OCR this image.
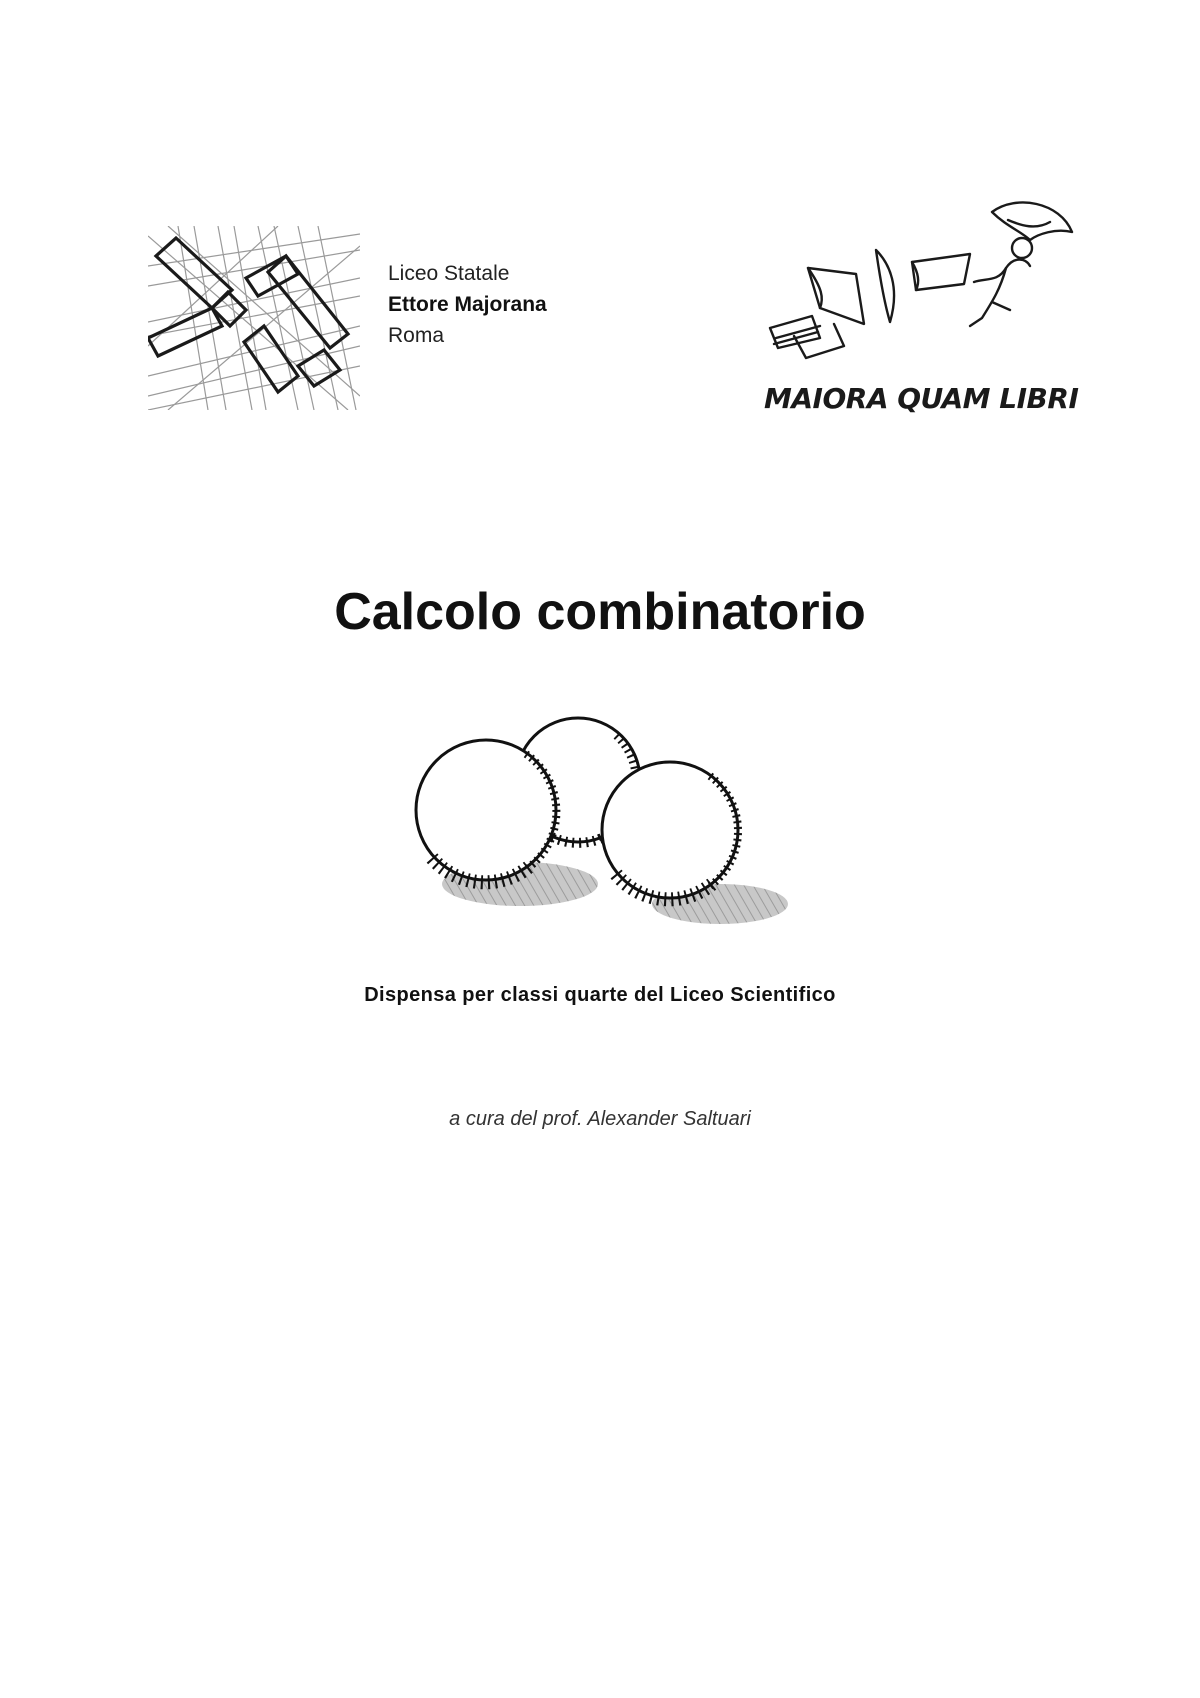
Liceo Statale
Ettore Majorana
Roma
MAIORA QUAM LIBRI
Calcolo combinatorio
Dispensa per classi quarte del Liceo Scientifico
a cura del prof. Alexander Saltuari
